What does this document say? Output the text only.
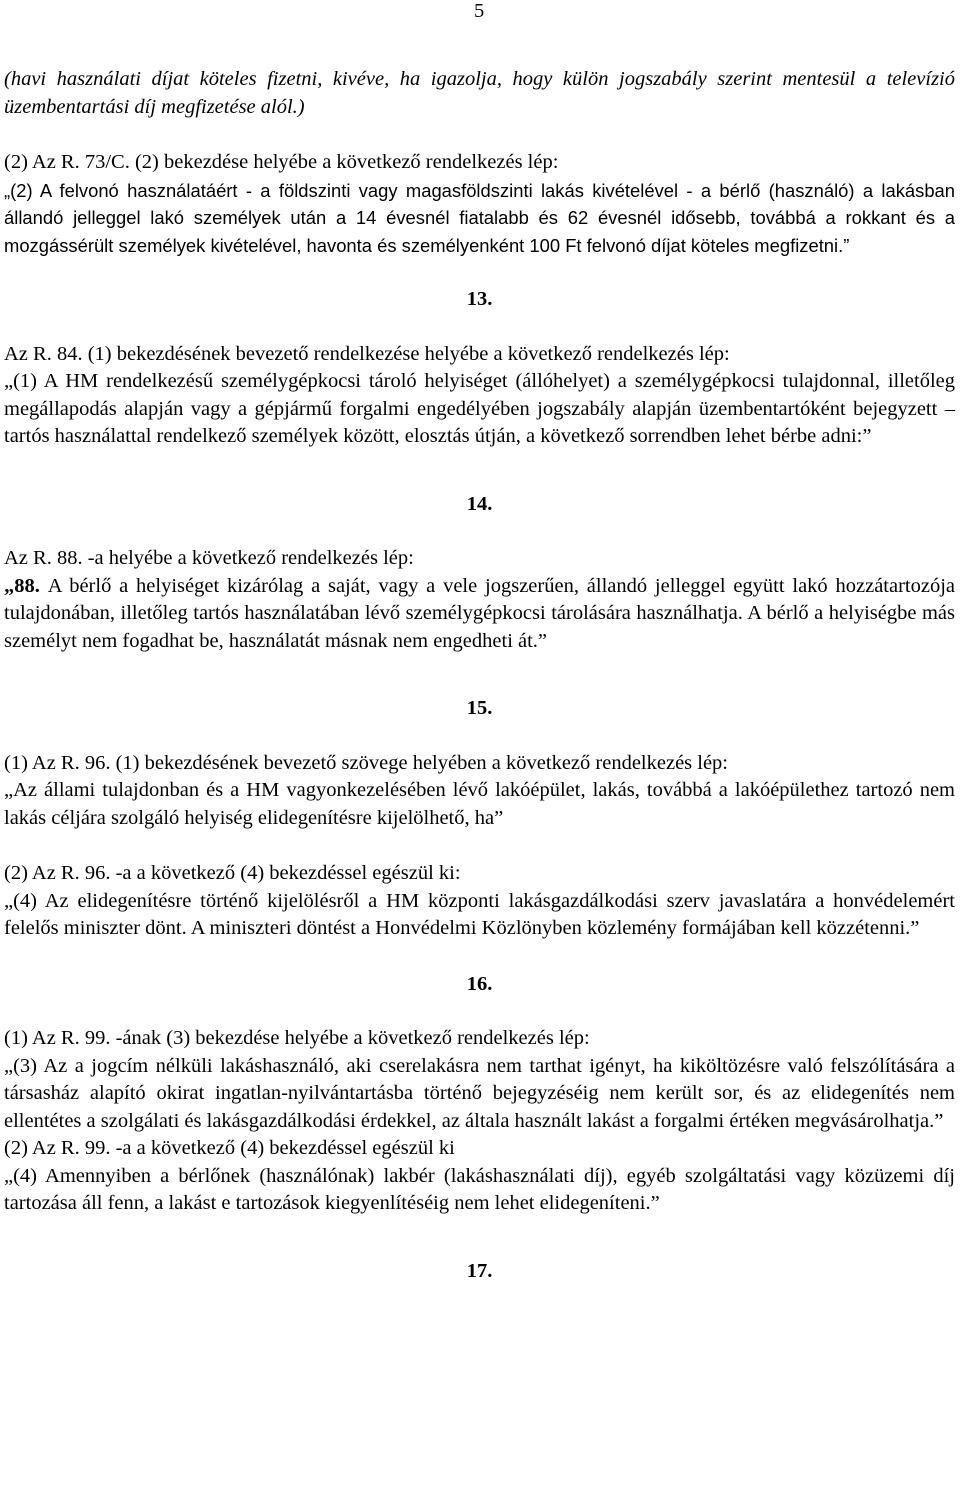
5

(havi használati díjat köteles fizetni, kivéve, ha igazolja, hogy külön jogszabály szerint mentesül a televízió üzembentartási díj megfizetése alól.)

(2) Az R. 73/C. (2) bekezdése helyébe a következő rendelkezés lép:

„(2) A felvonó használatáért - a földszinti vagy magasföldszinti lakás kivételével - a bérlő (használó) a lakásban állandó jelleggel lakó személyek után a 14 évesnél fiatalabb és 62 évesnél idősebb, továbbá a rokkant és a mozgássérült személyek kivételével, havonta és személyenként 100 Ft felvonó díjat köteles megfizetni.”

13.

Az R. 84. (1) bekezdésének bevezető rendelkezése helyébe a következő rendelkezés lép:

„(1) A HM rendelkezésű személygépkocsi tároló helyiséget (állóhelyet) a személygépkocsi tulajdonnal, illetőleg megállapodás alapján vagy a gépjármű forgalmi engedélyében jogszabály alapján üzembentartóként bejegyzett – tartós használattal rendelkező személyek között, elosztás útján, a következő sorrendben lehet bérbe adni:”

14.

Az R. 88. -a helyébe a következő rendelkezés lép:

„88. A bérlő a helyiséget kizárólag a saját, vagy a vele jogszerűen, állandó jelleggel együtt lakó hozzátartozója tulajdonában, illetőleg tartós használatában lévő személygépkocsi tárolására használhatja. A bérlő a helyiségbe más személyt nem fogadhat be, használatát másnak nem engedheti át.”

15.

(1) Az R. 96. (1) bekezdésének bevezető szövege helyében a következő rendelkezés lép:

„Az állami tulajdonban és a HM vagyonkezelésében lévő lakóépület, lakás, továbbá a lakóépülethez tartozó nem lakás céljára szolgáló helyiség elidegenítésre kijelölhető, ha”

(2) Az R. 96. -a a következő (4) bekezdéssel egészül ki:

„(4) Az elidegenítésre történő kijelölésről a HM központi lakásgazdálkodási szerv javaslatára a honvédelemért felelős miniszter dönt. A miniszteri döntést a Honvédelmi Közlönyben közlemény formájában kell közzétenni.”

16.

(1) Az R. 99. -ának (3) bekezdése helyébe a következő rendelkezés lép:

„(3) Az a jogcím nélküli lakáshasználó, aki cserelakásra nem tarthat igényt, ha kiköltözésre való felszólítására a társasház alapító okirat ingatlan-nyilvántartásba történő bejegyzéséig nem került sor, és az elidegenítés nem ellentétes a szolgálati és lakásgazdálkodási érdekkel, az általa használt lakást a forgalmi értéken megvásárolhatja.”

(2) Az R. 99. -a a következő (4) bekezdéssel egészül ki

„(4) Amennyiben a bérlőnek (használónak) lakbér (lakáshasználati díj), egyéb szolgáltatási vagy közüzemi díj tartozása áll fenn, a lakást e tartozások kiegyenlítéséig nem lehet elidegeníteni.”

17.
